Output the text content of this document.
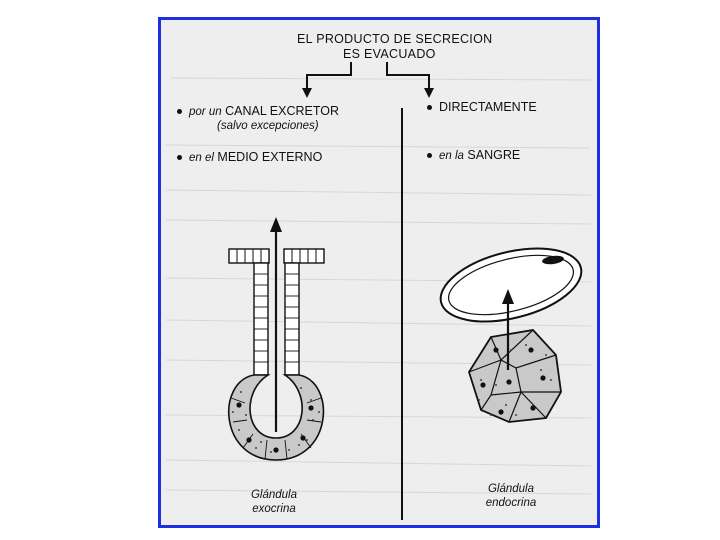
EL PRODUCTO DE SECRECION
ES EVACUADO
por un CANAL EXCRETOR
(salvo excepciones)
en el MEDIO EXTERNO
DIRECTAMENTE
en la SANGRE
Glándula
exocrina
Glándula
endocrina
